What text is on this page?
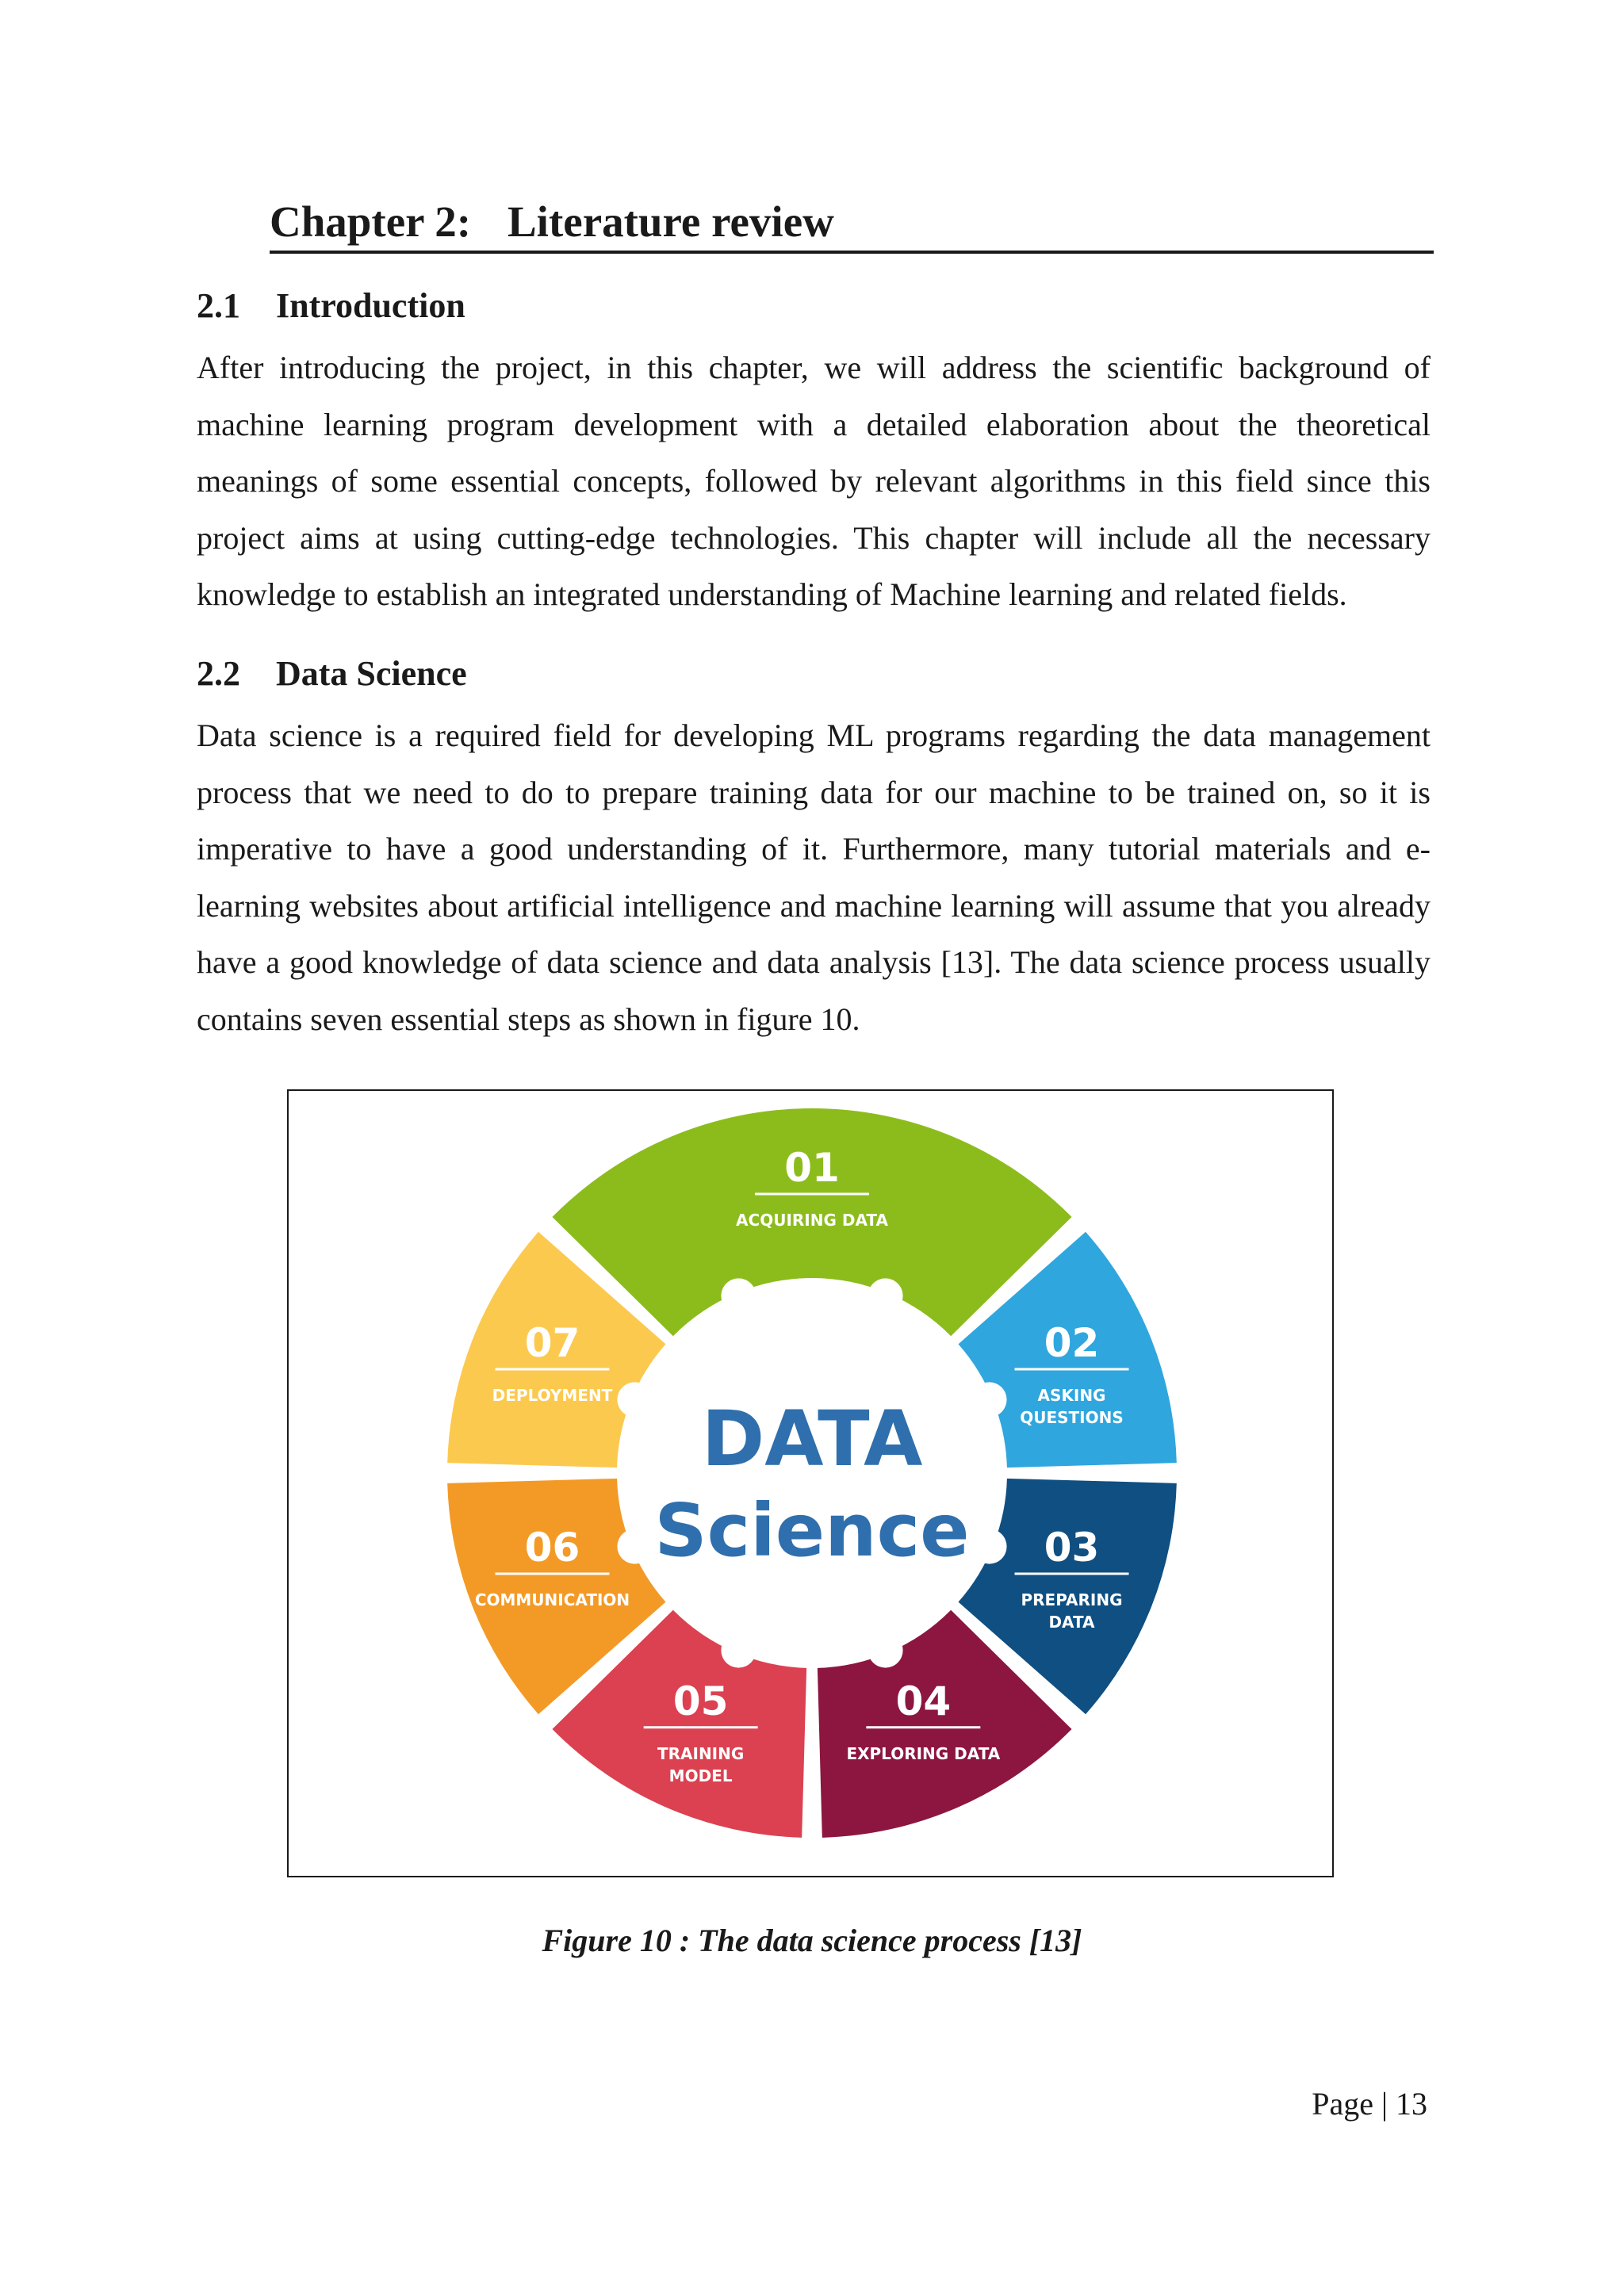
Chapter 2: Literature review
2.1 Introduction

After introducing the project, in this chapter, we will address the scientific background of machine learning program development with a detailed elaboration about the theoretical meanings of some essential concepts, followed by relevant algorithms in this field since this project aims at using cutting-edge technologies. This chapter will include all the necessary knowledge to establish an integrated understanding of Machine learning and related fields.

2.2 Data Science

Data science is a required field for developing ML programs regarding the data management process that we need to do to prepare training data for our machine to be trained on, so it is imperative to have a good understanding of it. Furthermore, many tutorial materials and e-learning websites about artificial intelligence and machine learning will assume that you already have a good knowledge of data science and data analysis [13]. The data science process usually contains seven essential steps as shown in figure 10.

01
ACQUIRING DATA
02
ASKING
QUESTIONS
03
PREPARING
DATA
04
EXPLORING DATA
05
TRAINING
MODEL
06
COMMUNICATION
07
DEPLOYMENT DATA
Science

Figure 10 : The data science process [13]

Page | 13
